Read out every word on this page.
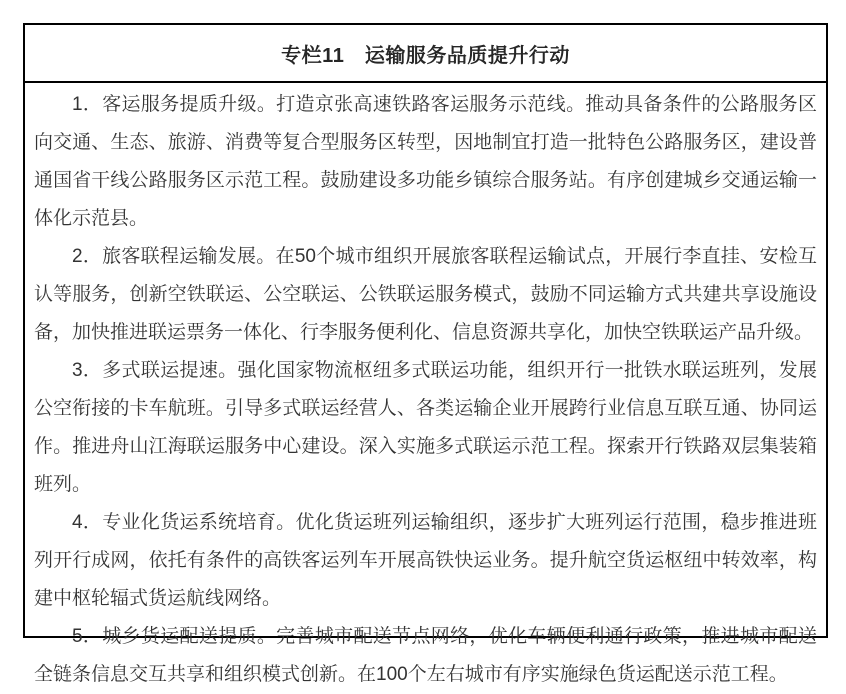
专栏11　运输服务品质提升行动

1．客运服务提质升级。打造京张高速铁路客运服务示范线。推动具备条件的公路服务区向交通、生态、旅游、消费等复合型服务区转型，因地制宜打造一批特色公路服务区，建设普通国省干线公路服务区示范工程。鼓励建设多功能乡镇综合服务站。有序创建城乡交通运输一体化示范县。

2．旅客联程运输发展。在50个城市组织开展旅客联程运输试点，开展行李直挂、安检互认等服务，创新空铁联运、公空联运、公铁联运服务模式，鼓励不同运输方式共建共享设施设备，加快推进联运票务一体化、行李服务便利化、信息资源共享化，加快空铁联运产品升级。

3．多式联运提速。强化国家物流枢纽多式联运功能，组织开行一批铁水联运班列，发展公空衔接的卡车航班。引导多式联运经营人、各类运输企业开展跨行业信息互联互通、协同运作。推进舟山江海联运服务中心建设。深入实施多式联运示范工程。探索开行铁路双层集装箱班列。

4．专业化货运系统培育。优化货运班列运输组织，逐步扩大班列运行范围，稳步推进班列开行成网，依托有条件的高铁客运列车开展高铁快运业务。提升航空货运枢纽中转效率，构建中枢轮辐式货运航线网络。

5．城乡货运配送提质。完善城市配送节点网络，优化车辆便利通行政策，推进城市配送全链条信息交互共享和组织模式创新。在100个左右城市有序实施绿色货运配送示范工程。
